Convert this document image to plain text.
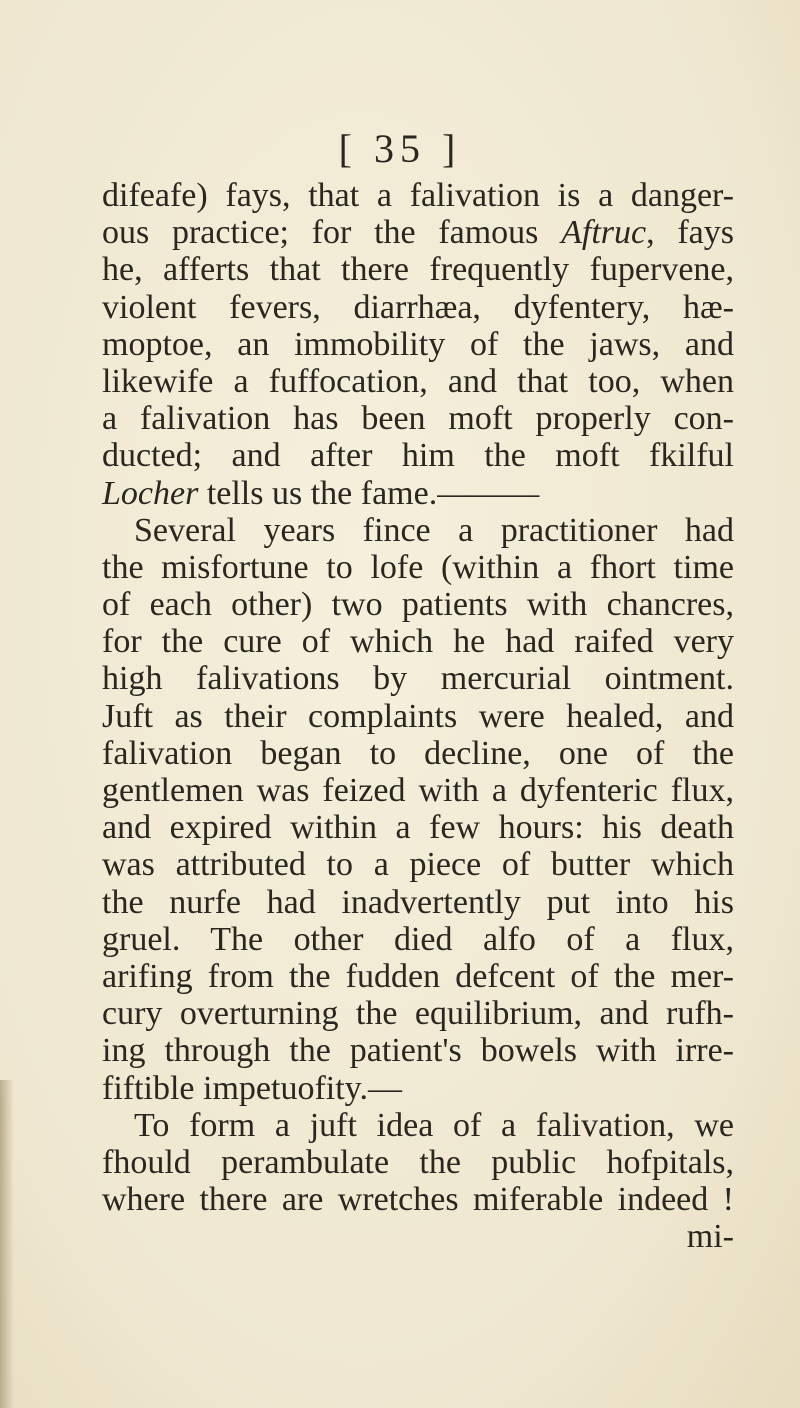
[ 35 ]
difeafe) fays, that a falivation is a danger-
ous practice; for the famous Aftruc, fays
he, afferts that there frequently fupervene,
violent fevers, diarrhæa, dyfentery, hæ-
moptoe, an immobility of the jaws, and
likewife a fuffocation, and that too, when
a falivation has been moft properly con-
ducted; and after him the moft fkilful
Locher tells us the fame.———
Several years fince a practitioner had
the misfortune to lofe (within a fhort time
of each other) two patients with chancres,
for the cure of which he had raifed very
high falivations by mercurial ointment.
Juft as their complaints were healed, and
falivation began to decline, one of the
gentlemen was feized with a dyfenteric flux,
and expired within a few hours: his death
was attributed to a piece of butter which
the nurfe had inadvertently put into his
gruel. The other died alfo of a flux,
arifing from the fudden defcent of the mer-
cury overturning the equilibrium, and rufh-
ing through the patient's bowels with irre-
fiftible impetuofity.—
To form a juft idea of a falivation, we
fhould perambulate the public hofpitals,
where there are wretches miferable indeed !
mi-
